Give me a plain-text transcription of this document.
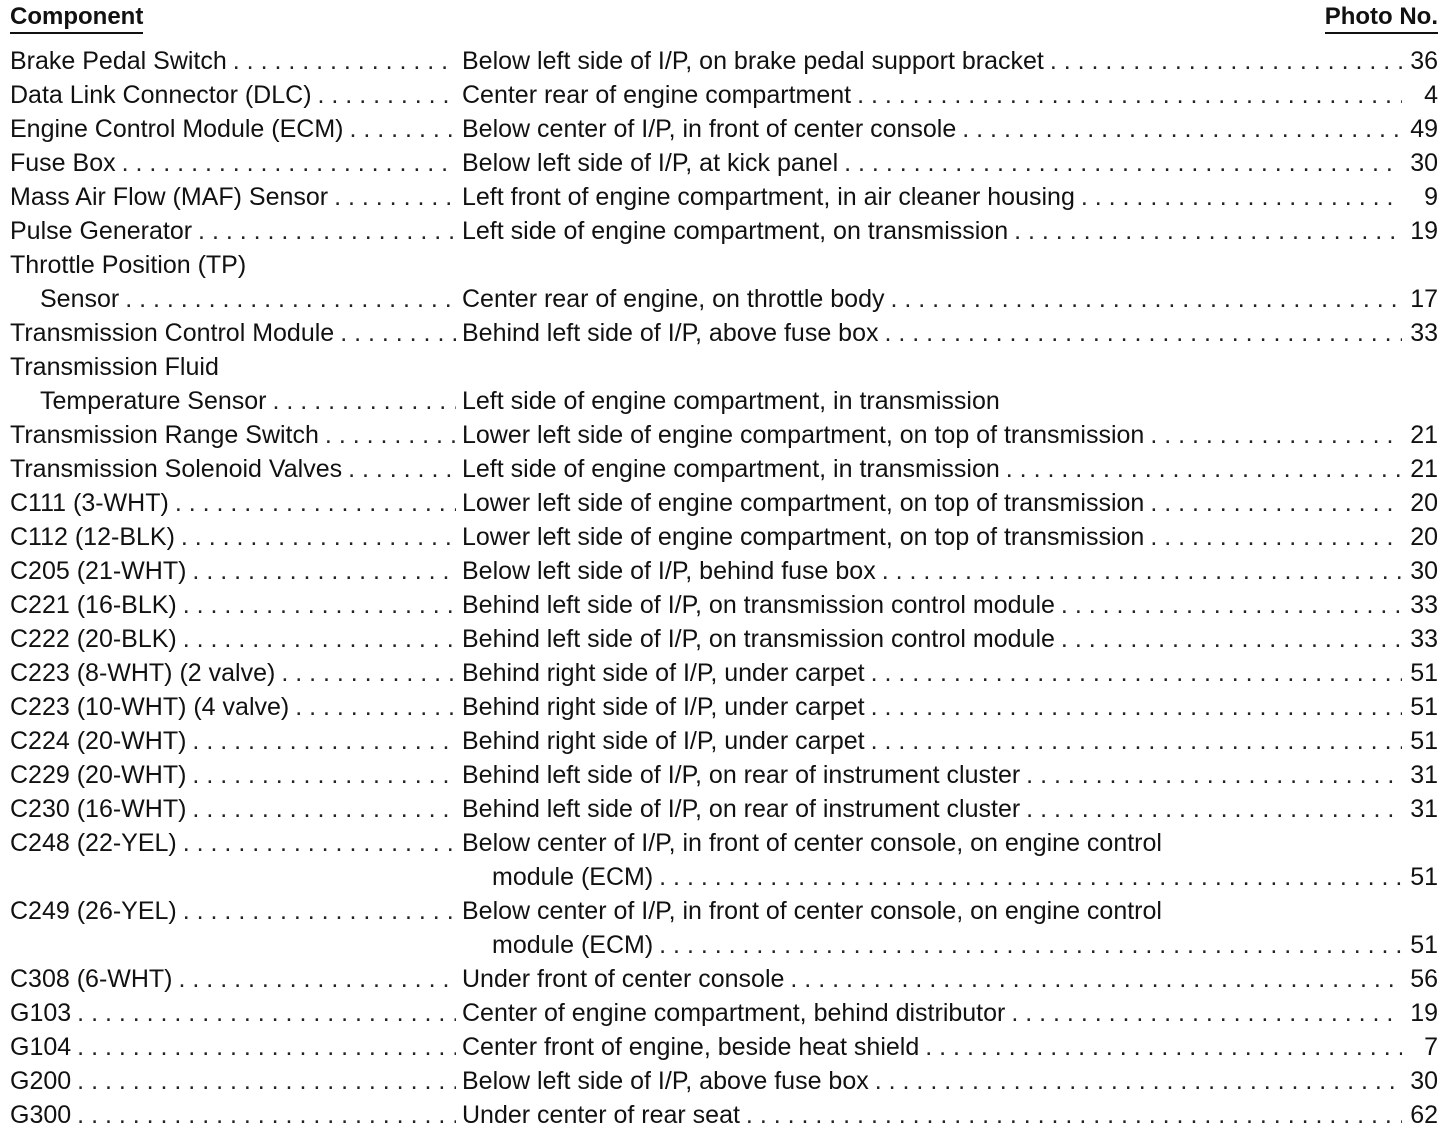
Component	Photo No.
Brake Pedal Switch . . .	Below left side of I/P, on brake pedal support bracket . . .	36
Data Link Connector (DLC) . . .	Center rear of engine compartment . . .	4
Engine Control Module (ECM) . . .	Below center of I/P, in front of center console . . .	49
Fuse Box . . .	Below left side of I/P, at kick panel . . .	30
Mass Air Flow (MAF) Sensor . . .	Left front of engine compartment, in air cleaner housing . . .	9
Pulse Generator . . .	Left side of engine compartment, on transmission . . .	19
Throttle Position (TP)
Sensor . . .	Center rear of engine, on throttle body . . .	17
Transmission Control Module . . .	Behind left side of I/P, above fuse box . . .	33
Transmission Fluid
Temperature Sensor . . .	Left side of engine compartment, in transmission
Transmission Range Switch . . .	Lower left side of engine compartment, on top of transmission . . .	21
Transmission Solenoid Valves . . .	Left side of engine compartment, in transmission . . .	21
C111 (3-WHT) . . .	Lower left side of engine compartment, on top of transmission . . .	20
C112 (12-BLK) . . .	Lower left side of engine compartment, on top of transmission . . .	20
C205 (21-WHT) . . .	Below left side of I/P, behind fuse box . . .	30
C221 (16-BLK) . . .	Behind left side of I/P, on transmission control module . . .	33
C222 (20-BLK) . . .	Behind left side of I/P, on transmission control module . . .	33
C223 (8-WHT) (2 valve) . . .	Behind right side of I/P, under carpet . . .	51
C223 (10-WHT) (4 valve) . . .	Behind right side of I/P, under carpet . . .	51
C224 (20-WHT) . . .	Behind right side of I/P, under carpet . . .	51
C229 (20-WHT) . . .	Behind left side of I/P, on rear of instrument cluster . . .	31
C230 (16-WHT) . . .	Behind left side of I/P, on rear of instrument cluster . . .	31
C248 (22-YEL) . . .	Below center of I/P, in front of center console, on engine control
module (ECM) . . .	51
C249 (26-YEL) . . .	Below center of I/P, in front of center console, on engine control
module (ECM) . . .	51
C308 (6-WHT) . . .	Under front of center console . . .	56
G103 . . .	Center of engine compartment, behind distributor . . .	19
G104 . . .	Center front of engine, beside heat shield . . .	7
G200 . . .	Below left side of I/P, above fuse box . . .	30
G300 . . .	Under center of rear seat . . .	62
